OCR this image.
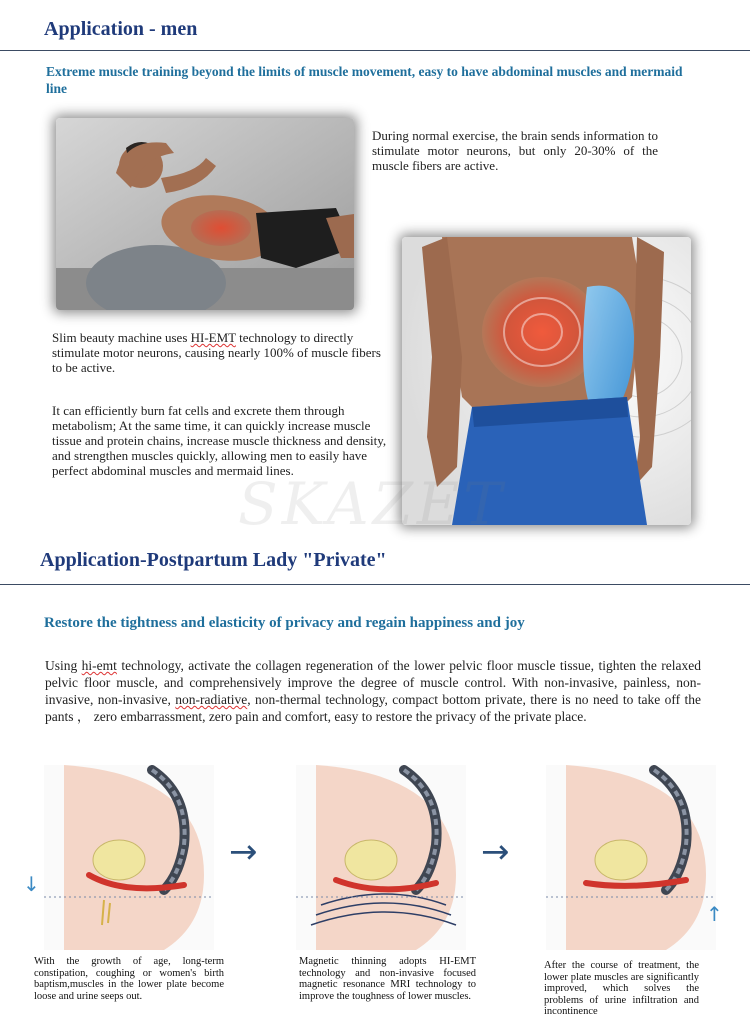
Application - men
Extreme muscle training beyond the limits of muscle movement, easy to have abdominal muscles and mermaid line
During normal exercise, the brain sends information to stimulate motor neurons, but only 20-30% of the muscle fibers are active.
Slim beauty machine uses HI-EMT technology to directly stimulate motor neurons, causing nearly 100% of muscle fibers to be active.
It can efficiently burn fat cells and excrete them through metabolism; At the same time, it can quickly increase muscle tissue and protein chains, increase muscle thickness and density, and strengthen muscles quickly, allowing men to easily have perfect abdominal muscles and mermaid lines.
SKAZET
Application-Postpartum Lady "Private"
Restore the tightness and elasticity of privacy and regain happiness and joy
Using hi-emt technology, activate the collagen regeneration of the lower pelvic floor muscle tissue, tighten the relaxed pelvic floor muscle, and comprehensively improve the degree of muscle control. With non-invasive, painless, non-invasive, non-invasive, non-radiative, non-thermal technology, compact bottom private, there is no need to take off the pants ， zero embarrassment, zero pain and comfort, easy to restore the privacy of the private place.
↓
→	→
↑
With the growth of age, long-term constipation, coughing or women's birth baptism,muscles in the lower plate become loose and urine seeps out.
Magnetic thinning adopts HI-EMT technology and non-invasive focused magnetic resonance MRI technology to improve the toughness of lower muscles.
After the course of treatment, the lower plate muscles are significantly improved, which solves the problems of urine infiltration and incontinence
